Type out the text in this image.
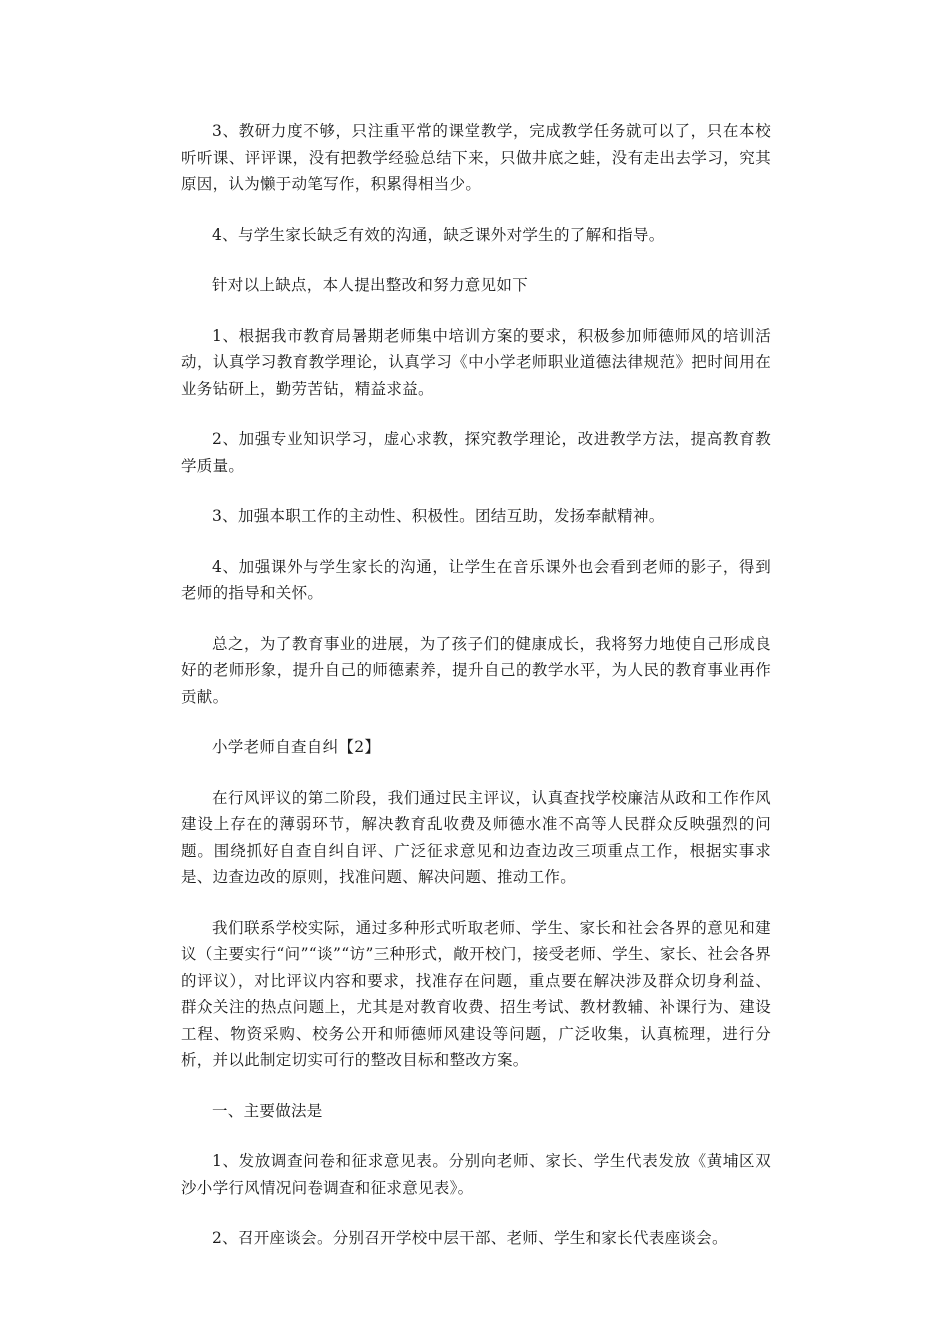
3、教研力度不够，只注重平常的课堂教学，完成教学任务就可以了，只在本校听听课、评评课，没有把教学经验总结下来，只做井底之蛙，没有走出去学习，究其原因，认为懒于动笔写作，积累得相当少。

4、与学生家长缺乏有效的沟通，缺乏课外对学生的了解和指导。

针对以上缺点，本人提出整改和努力意见如下

1、根据我市教育局暑期老师集中培训方案的要求，积极参加师德师风的培训活动，认真学习教育教学理论，认真学习《中小学老师职业道德法律规范》把时间用在业务钻研上，勤劳苦钻，精益求益。

2、加强专业知识学习，虚心求教，探究教学理论，改进教学方法，提高教育教学质量。

3、加强本职工作的主动性、积极性。团结互助，发扬奉献精神。

4、加强课外与学生家长的沟通，让学生在音乐课外也会看到老师的影子，得到老师的指导和关怀。

总之，为了教育事业的进展，为了孩子们的健康成长，我将努力地使自己形成良好的老师形象，提升自己的师德素养，提升自己的教学水平，为人民的教育事业再作贡献。

小学老师自查自纠【2】

在行风评议的第二阶段，我们通过民主评议，认真查找学校廉洁从政和工作作风建设上存在的薄弱环节，解决教育乱收费及师德水准不高等人民群众反映强烈的问题。围绕抓好自查自纠自评、广泛征求意见和边查边改三项重点工作，根据实事求是、边查边改的原则，找准问题、解决问题、推动工作。

我们联系学校实际，通过多种形式听取老师、学生、家长和社会各界的意见和建议（主要实行“问”“谈”“访”三种形式，敞开校门，接受老师、学生、家长、社会各界的评议），对比评议内容和要求，找准存在问题，重点要在解决涉及群众切身利益、群众关注的热点问题上，尤其是对教育收费、招生考试、教材教辅、补课行为、建设工程、物资采购、校务公开和师德师风建设等问题，广泛收集，认真梳理，进行分析，并以此制定切实可行的整改目标和整改方案。

一、主要做法是

1、发放调查问卷和征求意见表。分别向老师、家长、学生代表发放《黄埔区双沙小学行风情况问卷调查和征求意见表》。

2、召开座谈会。分别召开学校中层干部、老师、学生和家长代表座谈会。
